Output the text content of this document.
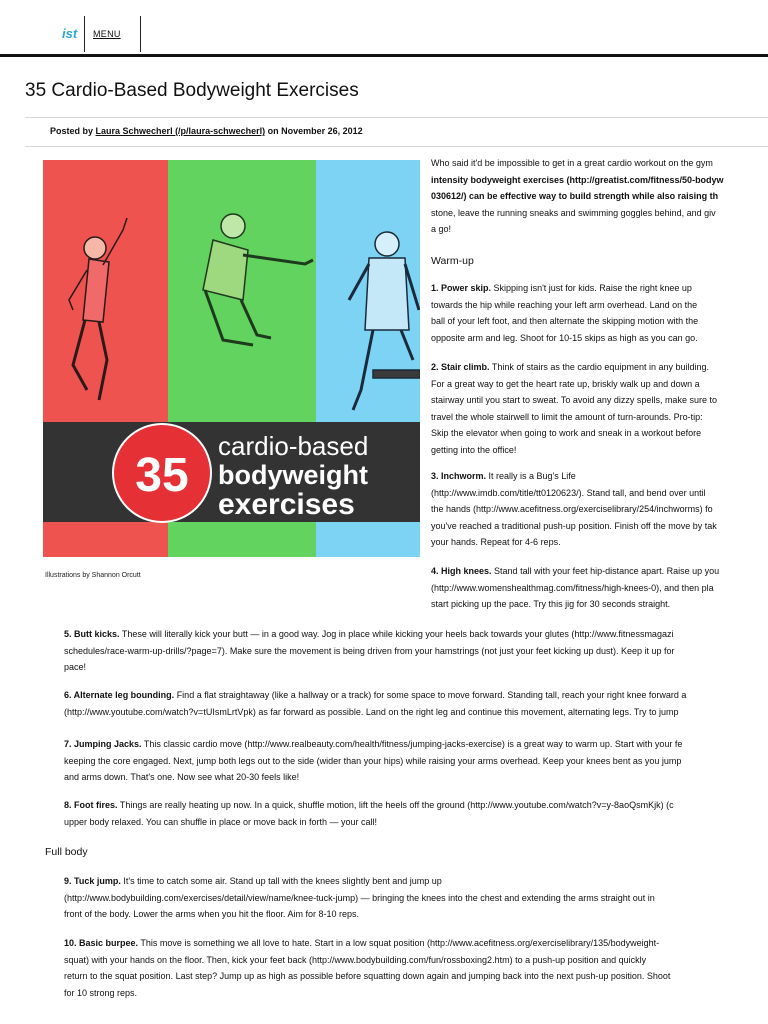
ist MENU
35 Cardio-Based Bodyweight Exercises
Posted by Laura Schwecherl (/p/laura-schwecherl) on November 26, 2012
35
cardio-based
bodyweight
exercises
Illustrations by Shannon Orcutt
Who said it'd be impossible to get in a great cardio workout on the gym
intensity bodyweight exercises (http://greatist.com/fitness/50-bodyw
030612/) can be effective way to build strength while also raising th
stone, leave the running sneaks and swimming goggles behind, and giv
a go!
Warm-up
1. Power skip. Skipping isn't just for kids. Raise the right knee up
towards the hip while reaching your left arm overhead. Land on the
ball of your left foot, and then alternate the skipping motion with the
opposite arm and leg. Shoot for 10-15 skips as high as you can go.
2. Stair climb. Think of stairs as the cardio equipment in any building.
For a great way to get the heart rate up, briskly walk up and down a
stairway until you start to sweat. To avoid any dizzy spells, make sure to
travel the whole stairwell to limit the amount of turn-arounds. Pro-tip:
Skip the elevator when going to work and sneak in a workout before
getting into the office!
3. Inchworm. It really is a Bug's Life
(http://www.imdb.com/title/tt0120623/). Stand tall, and bend over until
the hands (http://www.acefitness.org/exerciselibrary/254/inchworms) fo
you've reached a traditional push-up position. Finish off the move by tak
your hands. Repeat for 4-6 reps.
4. High knees. Stand tall with your feet hip-distance apart. Raise up you
(http://www.womenshealthmag.com/fitness/high-knees-0), and then pla
start picking up the pace. Try this jig for 30 seconds straight.
5. Butt kicks. These will literally kick your butt — in a good way. Jog in place while kicking your heels back towards your glutes (http://www.fitnessmagazi
schedules/race-warm-up-drills/?page=7). Make sure the movement is being driven from your hamstrings (not just your feet kicking up dust). Keep it up for
pace!
6. Alternate leg bounding. Find a flat straightaway (like a hallway or a track) for some space to move forward. Standing tall, reach your right knee forward a
(http://www.youtube.com/watch?v=tUIsmLrtVpk) as far forward as possible. Land on the right leg and continue this movement, alternating legs. Try to jump
7. Jumping Jacks. This classic cardio move (http://www.realbeauty.com/health/fitness/jumping-jacks-exercise) is a great way to warm up. Start with your fe
keeping the core engaged. Next, jump both legs out to the side (wider than your hips) while raising your arms overhead. Keep your knees bent as you jump
and arms down. That's one. Now see what 20-30 feels like!
8. Foot fires. Things are really heating up now. In a quick, shuffle motion, lift the heels off the ground (http://www.youtube.com/watch?v=y-8aoQsmKjk) (c
upper body relaxed. You can shuffle in place or move back in forth — your call!
Full body
9. Tuck jump. It's time to catch some air. Stand up tall with the knees slightly bent and jump up
(http://www.bodybuilding.com/exercises/detail/view/name/knee-tuck-jump) — bringing the knees into the chest and extending the arms straight out in
front of the body. Lower the arms when you hit the floor. Aim for 8-10 reps.
10. Basic burpee. This move is something we all love to hate. Start in a low squat position (http://www.acefitness.org/exerciselibrary/135/bodyweight-
squat) with your hands on the floor. Then, kick your feet back (http://www.bodybuilding.com/fun/rossboxing2.htm) to a push-up position and quickly
return to the squat position. Last step? Jump up as high as possible before squatting down again and jumping back into the next push-up position. Shoot
for 10 strong reps.
